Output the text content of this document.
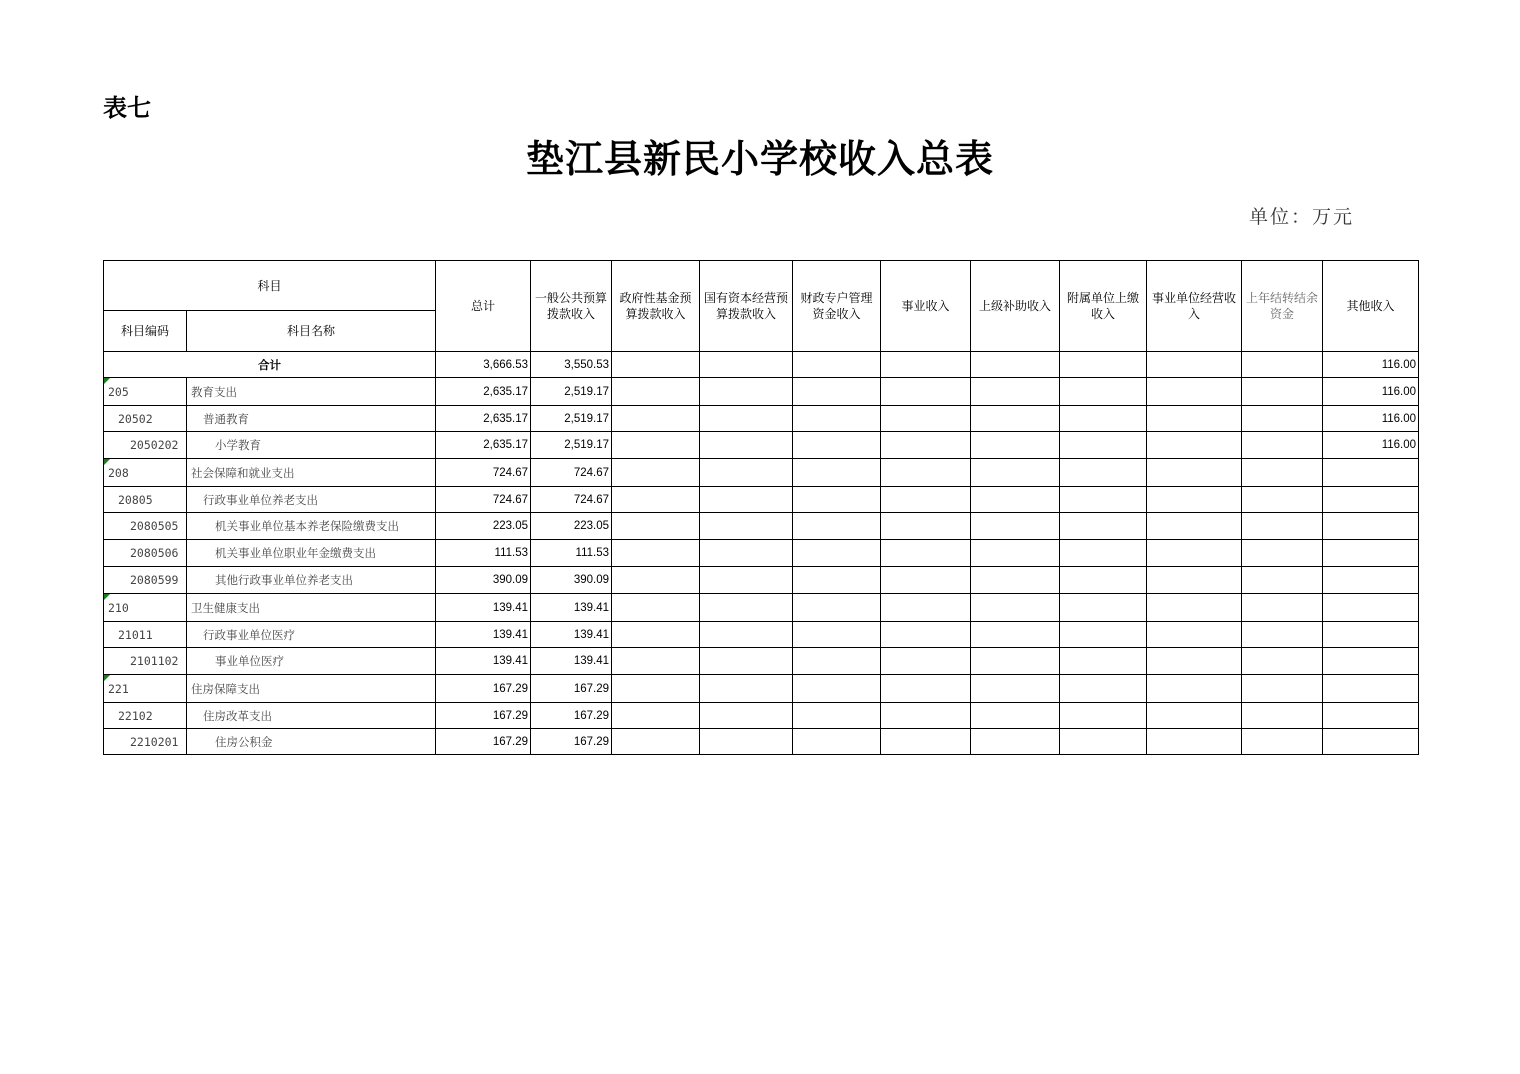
表七
垫江县新民小学校收入总表
单位：万元
科目		总计	一般公共预算拨款收入	政府性基金预算拨款收入	国有资本经营预算拨款收入	财政专户管理资金收入	事业收入	上级补助收入	附属单位上缴收入	事业单位经营收入	上年结转结余资金	其他收入
科目编码	科目名称											
合计		3,666.53	3,550.53									116.00
205	教育支出	2,635.17	2,519.17									116.00
20502	普通教育	2,635.17	2,519.17									116.00
2050202	小学教育	2,635.17	2,519.17									116.00
208	社会保障和就业支出	724.67	724.67									
20805	行政事业单位养老支出	724.67	724.67									
2080505	机关事业单位基本养老保险缴费支出	223.05	223.05									
2080506	机关事业单位职业年金缴费支出	111.53	111.53									
2080599	其他行政事业单位养老支出	390.09	390.09									
210	卫生健康支出	139.41	139.41									
21011	行政事业单位医疗	139.41	139.41									
2101102	事业单位医疗	139.41	139.41									
221	住房保障支出	167.29	167.29									
22102	住房改革支出	167.29	167.29									
2210201	住房公积金	167.29	167.29									
